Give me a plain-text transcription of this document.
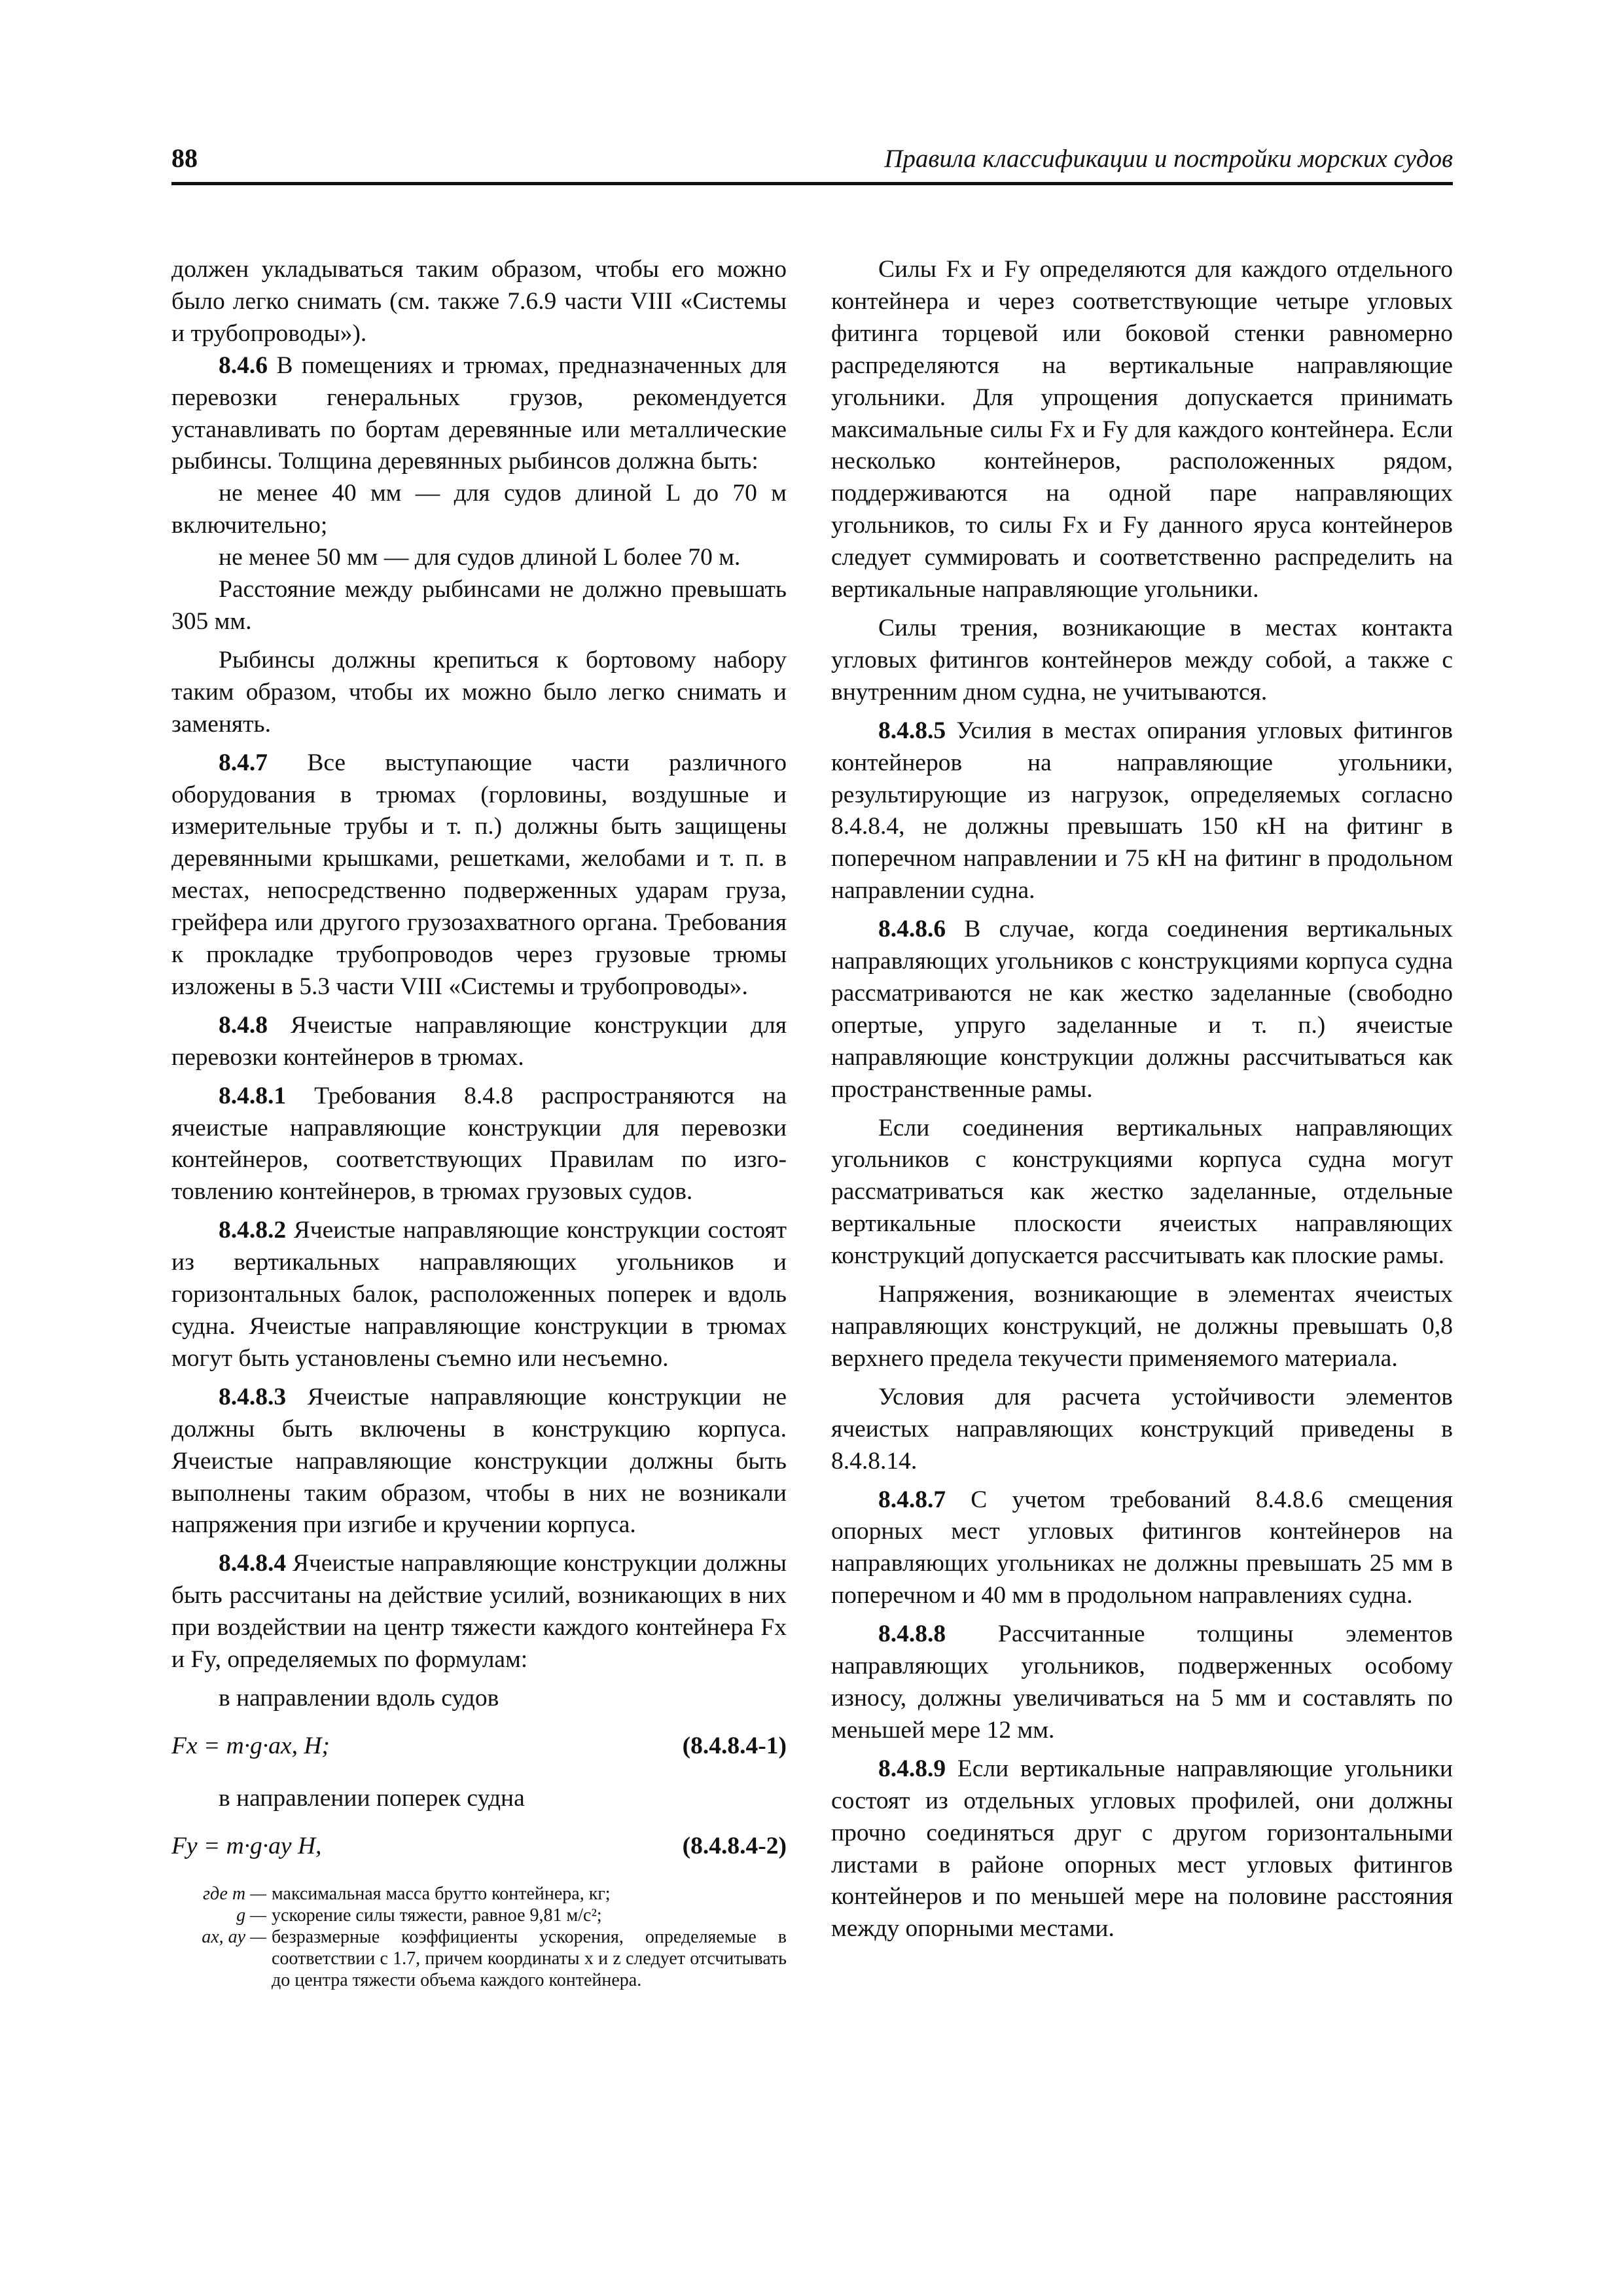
88	Правила классификации и постройки морских судов

должен укладываться таким образом, чтобы его можно было легко снимать (см. также 7.6.9 части VIII «Системы и трубопроводы»).

8.4.6 В помещениях и трюмах, предназначенных для перевозки генеральных грузов, рекомендуется устанавливать по бортам деревянные или металлические рыбинсы. Толщина деревянных рыбинсов должна быть:

не менее 40 мм — для судов длиной L до 70 м включительно;

не менее 50 мм — для судов длиной L более 70 м.

Расстояние между рыбинсами не должно превышать 305 мм.

Рыбинсы должны крепиться к бортовому набору таким образом, чтобы их можно было легко снимать и заменять.

8.4.7 Все выступающие части различного оборудования в трюмах (горловины, воздушные и измерительные трубы и т. п.) должны быть защищены деревянными крышками, решетками, желобами и т. п. в местах, непосредственно подверженных ударам груза, грейфера или другого грузозахватного органа. Требования к прокладке трубопроводов через грузовые трюмы изложены в 5.3 части VIII «Системы и трубопроводы».

8.4.8 Ячеистые направляющие конструкции для перевозки контейнеров в трюмах.

8.4.8.1 Требования 8.4.8 распространяются на ячеистые направляющие конструкции для перевозки контейнеров, соответствующих Правилам по изготовлению контейнеров, в трюмах грузовых судов.

8.4.8.2 Ячеистые направляющие конструкции состоят из вертикальных направляющих угольников и горизонтальных балок, расположенных поперек и вдоль судна. Ячеистые направляющие конструкции в трюмах могут быть установлены съемно или несъемно.

8.4.8.3 Ячеистые направляющие конструкции не должны быть включены в конструкцию корпуса. Ячеистые направляющие конструкции должны быть выполнены таким образом, чтобы в них не возникали напряжения при изгибе и кручении корпуса.

8.4.8.4 Ячеистые направляющие конструкции должны быть рассчитаны на действие усилий, возникающих в них при воздействии на центр тяжести каждого контейнера Fx и Fy, определяемых по формулам:

в направлении вдоль судов

Fx = m·g·ax, Н;	(8.4.8.4-1)

в направлении поперек судна

Fy = m·g·ay Н,	(8.4.8.4-2)
где m — максимальная масса брутто контейнера, кг;
g — ускорение силы тяжести, равное 9,81 м/с²;
ax, ay — безразмерные коэффициенты ускорения, определяемые в соответствии с 1.7, причем координаты x и z следует отсчитывать до центра тяжести объема каждого контейнера.

Силы Fx и Fy определяются для каждого отдельного контейнера и через соответствующие четыре угловых фитинга торцевой или боковой стенки равномерно распределяются на вертикальные направляющие угольники. Для упрощения допускается принимать максимальные силы Fx и Fy для каждого контейнера. Если несколько контейнеров, расположенных рядом, поддерживаются на одной паре направляющих угольников, то силы Fx и Fy данного яруса контейнеров следует суммировать и соответственно распределить на вертикальные направляющие угольники.

Силы трения, возникающие в местах контакта угловых фитингов контейнеров между собой, а также с внутренним дном судна, не учитываются.

8.4.8.5 Усилия в местах опирания угловых фитингов контейнеров на направляющие угольники, результирующие из нагрузок, определяемых согласно 8.4.8.4, не должны превышать 150 кН на фитинг в поперечном направлении и 75 кН на фитинг в продольном направлении судна.

8.4.8.6 В случае, когда соединения вертикальных направляющих угольников с конструкциями корпуса судна рассматриваются не как жестко заделанные (свободно опертые, упруго заделанные и т. п.) ячеистые направляющие конструкции должны рассчитываться как пространственные рамы.

Если соединения вертикальных направляющих угольников с конструкциями корпуса судна могут рассматриваться как жестко заделанные, отдельные вертикальные плоскости ячеистых направляющих конструкций допускается рассчитывать как плоские рамы.

Напряжения, возникающие в элементах ячеистых направляющих конструкций, не должны превышать 0,8 верхнего предела текучести применяемого материала.

Условия для расчета устойчивости элементов ячеистых направляющих конструкций приведены в 8.4.8.14.

8.4.8.7 С учетом требований 8.4.8.6 смещения опорных мест угловых фитингов контейнеров на направляющих угольниках не должны превышать 25 мм в поперечном и 40 мм в продольном направлениях судна.

8.4.8.8 Рассчитанные толщины элементов направляющих угольников, подверженных особому износу, должны увеличиваться на 5 мм и составлять по меньшей мере 12 мм.

8.4.8.9 Если вертикальные направляющие угольники состоят из отдельных угловых профилей, они должны прочно соединяться друг с другом горизонтальными листами в районе опорных мест угловых фитингов контейнеров и по меньшей мере на половине расстояния между опорными местами.
